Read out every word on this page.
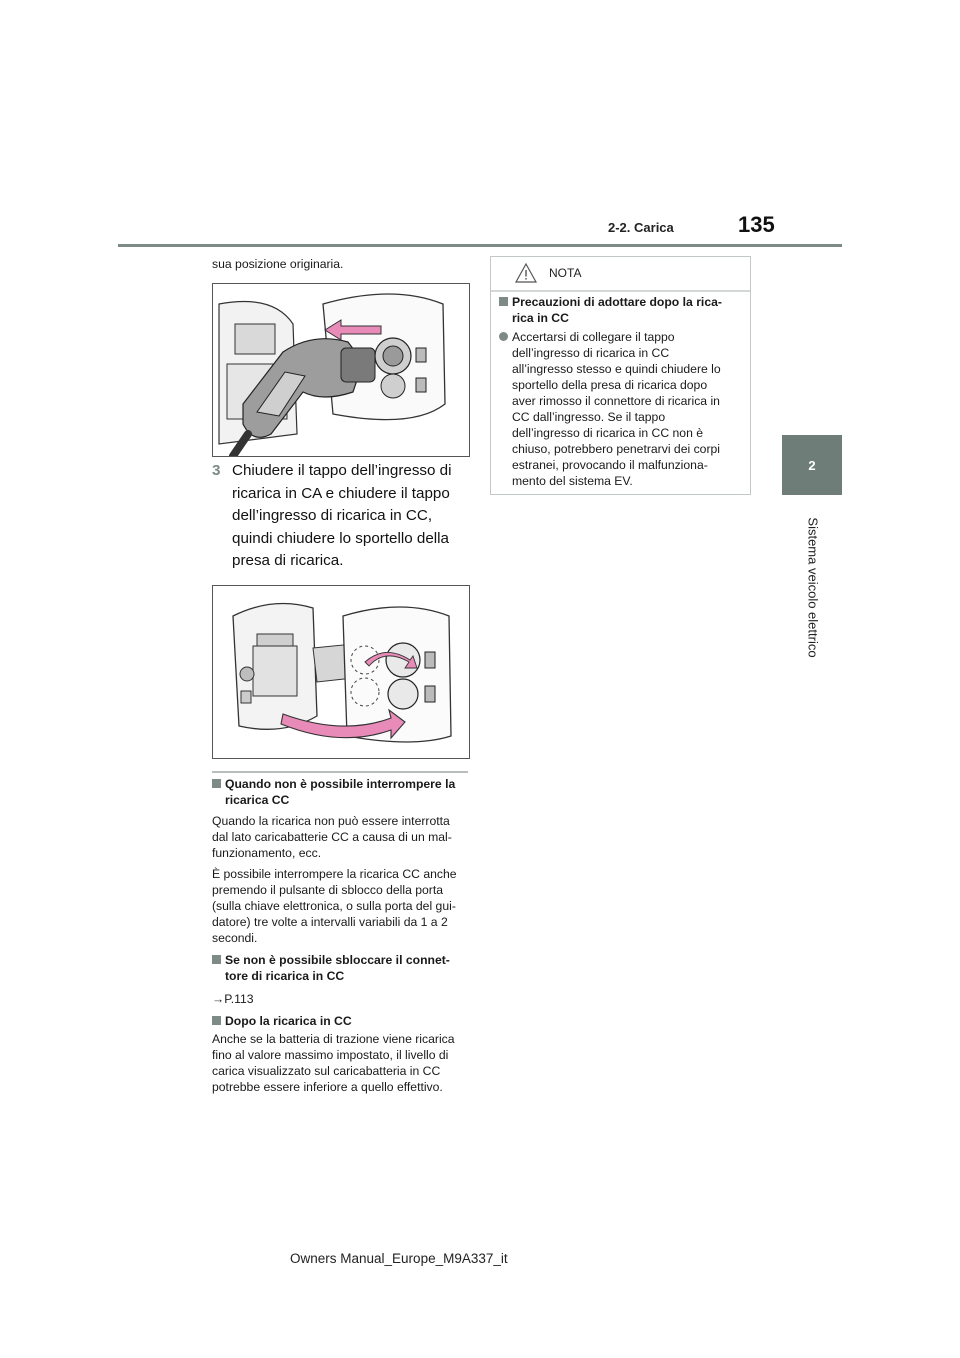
2-2. Carica	135
2
Sistema veicolo elettrico
sua posizione originaria.
3 Chiudere il tappo dell’ingresso di
ricarica in CA e chiudere il tappo
dell’ingresso di ricarica in CC,
quindi chiudere lo sportello della
presa di ricarica.
Quando non è possibile interrompere la
ricarica CC
Quando la ricarica non può essere interrotta
dal lato caricabatterie CC a causa di un mal-
funzionamento, ecc.
È possibile interrompere la ricarica CC anche
premendo il pulsante di sblocco della porta
(sulla chiave elettronica, o sulla porta del gui-
datore) tre volte a intervalli variabili da 1 a 2
secondi.
Se non è possibile sbloccare il connet-
tore di ricarica in CC
→P.113
Dopo la ricarica in CC
Anche se la batteria di trazione viene ricarica
fino al valore massimo impostato, il livello di
carica visualizzato sul caricabatteria in CC
potrebbe essere inferiore a quello effettivo.
NOTA
Precauzioni di adottare dopo la rica-
rica in CC
Accertarsi di collegare il tappo
dell’ingresso di ricarica in CC
all’ingresso stesso e quindi chiudere lo
sportello della presa di ricarica dopo
aver rimosso il connettore di ricarica in
CC dall’ingresso. Se il tappo
dell’ingresso di ricarica in CC non è
chiuso, potrebbero penetrarvi dei corpi
estranei, provocando il malfunziona-
mento del sistema EV.
Owners Manual_Europe_M9A337_it
